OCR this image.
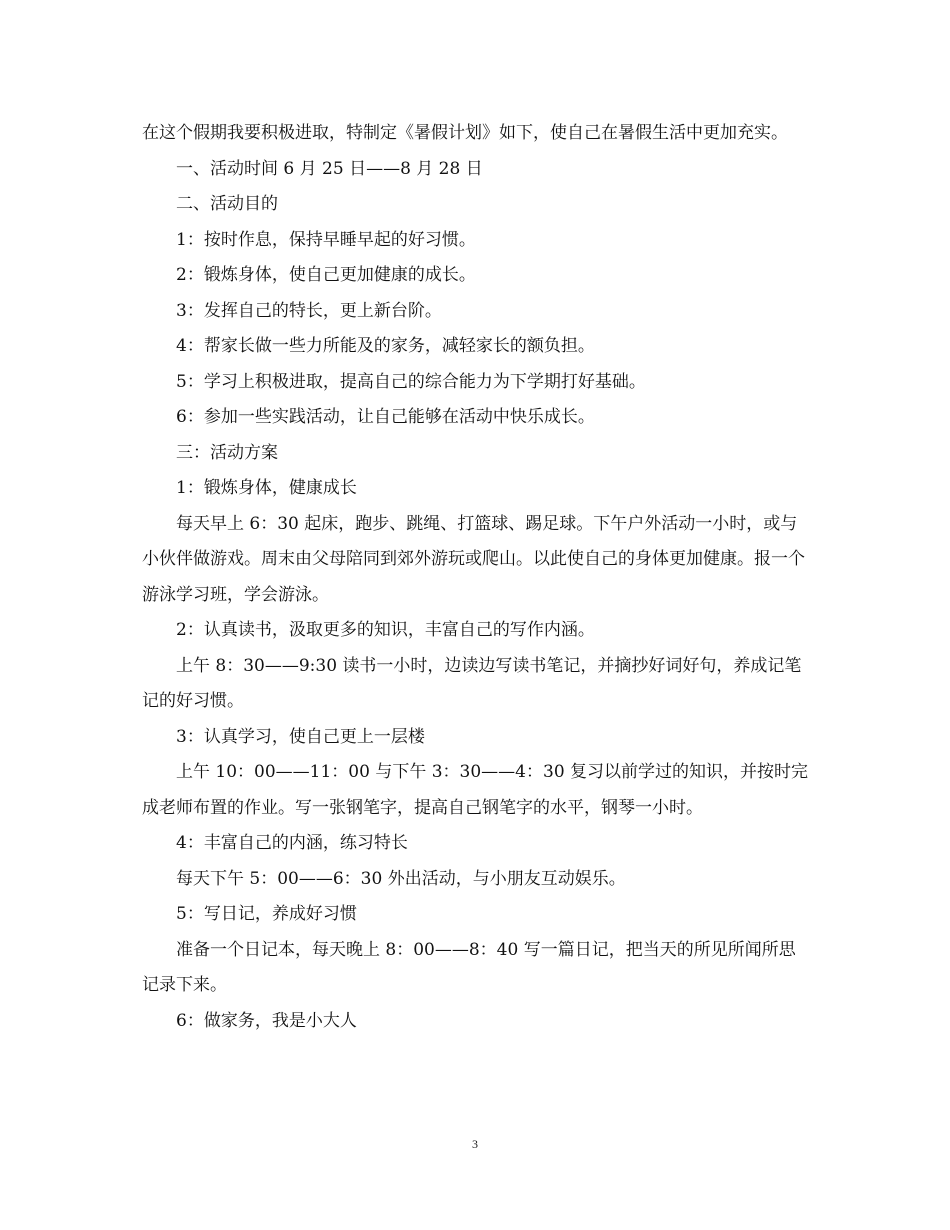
在这个假期我要积极进取，特制定《暑假计划》如下，使自己在暑假生活中更加充实。

一、活动时间 6 月 25 日——8 月 28 日

二、活动目的

1：按时作息，保持早睡早起的好习惯。

2：锻炼身体，使自己更加健康的成长。

3：发挥自己的特长，更上新台阶。

4：帮家长做一些力所能及的家务，减轻家长的额负担。

5：学习上积极进取，提高自己的综合能力为下学期打好基础。

6：参加一些实践活动，让自己能够在活动中快乐成长。

三：活动方案

1：锻炼身体，健康成长

每天早上 6：30 起床，跑步、跳绳、打篮球、踢足球。下午户外活动一小时，或与小伙伴做游戏。周末由父母陪同到郊外游玩或爬山。以此使自己的身体更加健康。报一个游泳学习班，学会游泳。

2：认真读书，汲取更多的知识，丰富自己的写作内涵。

上午 8：30——9:30 读书一小时，边读边写读书笔记，并摘抄好词好句，养成记笔记的好习惯。

3：认真学习，使自己更上一层楼

上午 10：00——11：00 与下午 3：30——4：30 复习以前学过的知识，并按时完成老师布置的作业。写一张钢笔字，提高自己钢笔字的水平，钢琴一小时。

4：丰富自己的内涵，练习特长

每天下午 5：00——6：30 外出活动，与小朋友互动娱乐。

5：写日记，养成好习惯

准备一个日记本，每天晚上 8：00——8：40 写一篇日记，把当天的所见所闻所思记录下来。

6：做家务，我是小大人

3
